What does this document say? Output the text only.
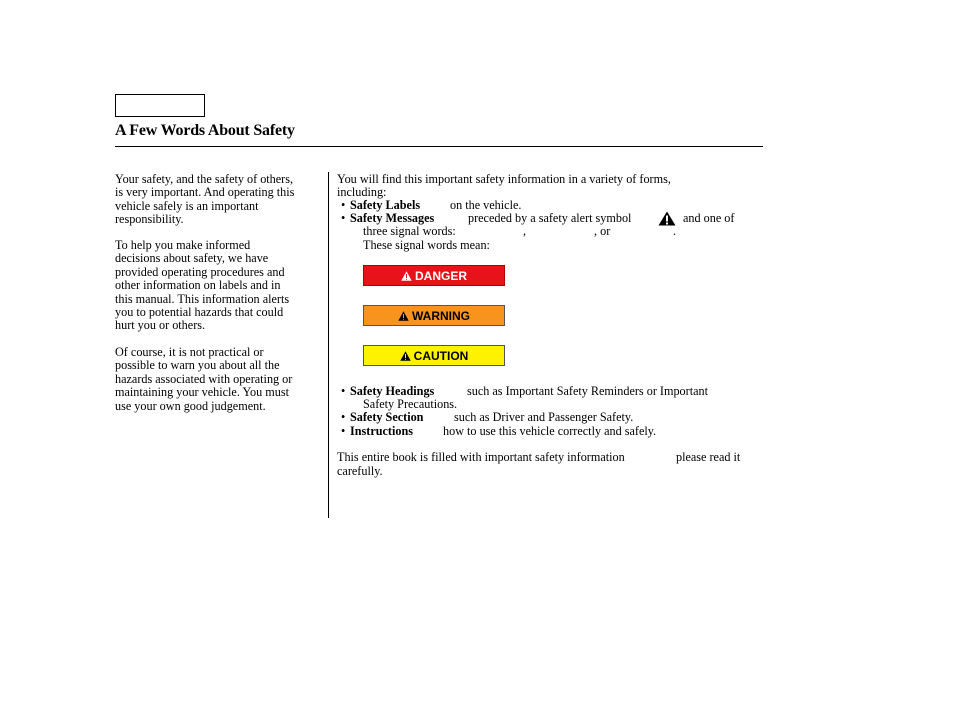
A Few Words About Safety
Your safety, and the safety of others,
is very important. And operating this
vehicle safely is an important
responsibility.
To help you make informed
decisions about safety, we have
provided operating procedures and
other information on labels and in
this manual. This information alerts
you to potential hazards that could
hurt you or others.
Of course, it is not practical or
possible to warn you about all the
hazards associated with operating or
maintaining your vehicle. You must
use your own good judgement.
You will find this important safety information in a variety of forms,
including:
• Safety Labels on the vehicle.
• Safety Messages	preceded by a safety alert symbol	and one of
three signal words:	,	, or	.
These signal words mean:
DANGER
WARNING
CAUTION
• Safety Headings	such as Important Safety Reminders or Important
Safety Precautions.
• Safety Section	such as Driver and Passenger Safety.
• Instructions how to use this vehicle correctly and safely.
This entire book is filled with important safety information	please read it
carefully.
